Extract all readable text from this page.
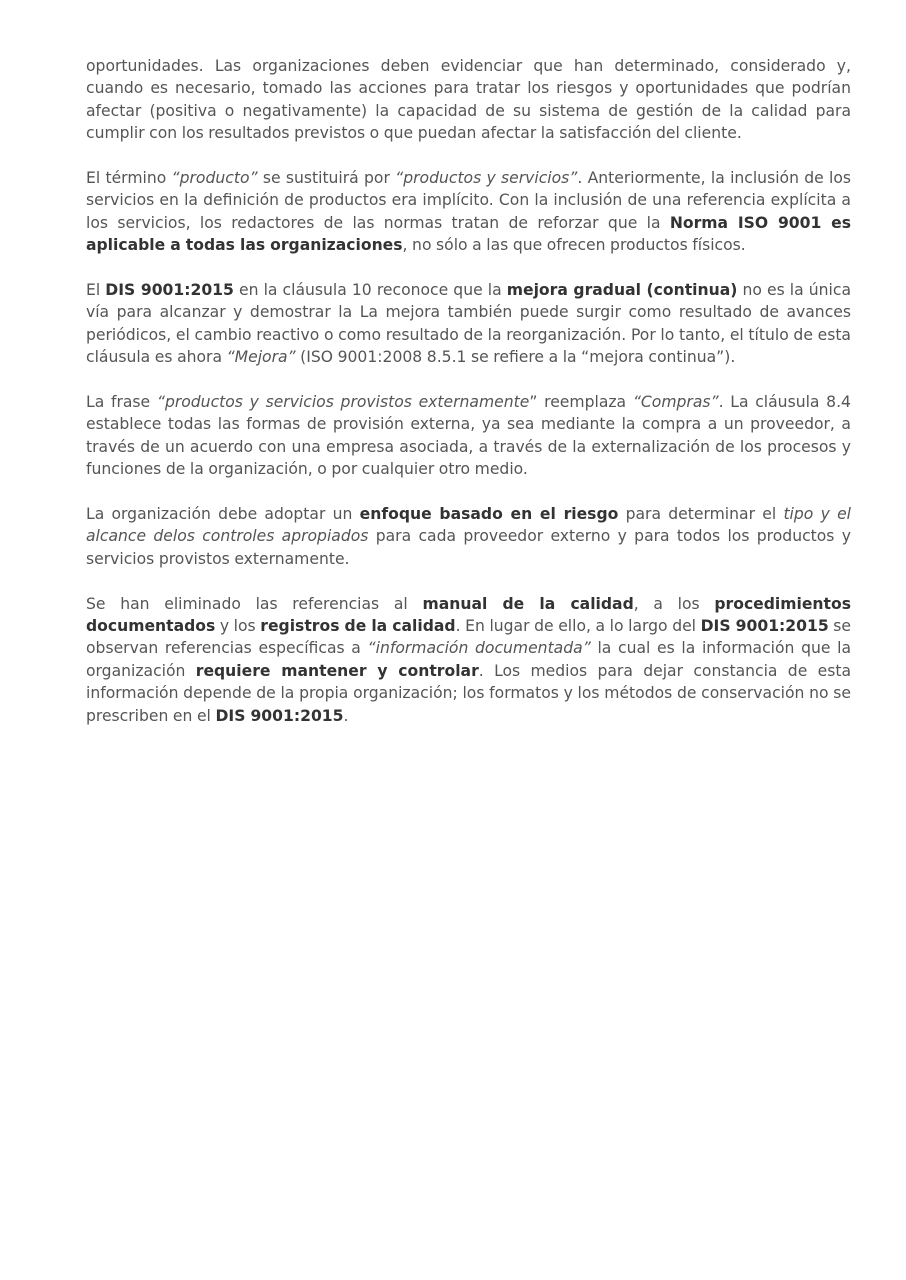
oportunidades. Las organizaciones deben evidenciar que han determinado, considerado y, cuando es necesario, tomado las acciones para tratar los riesgos y oportunidades que podrían afectar (positiva o negativamente) la capacidad de su sistema de gestión de la calidad para cumplir con los resultados previstos o que puedan afectar la satisfacción del cliente.

El término “producto” se sustituirá por “productos y servicios”. Anteriormente, la inclusión de los servicios en la definición de productos era implícito. Con la inclusión de una referencia explícita a los servicios, los redactores de las normas tratan de reforzar que la Norma ISO 9001 es aplicable a todas las organizaciones, no sólo a las que ofrecen productos físicos.

El DIS 9001:2015 en la cláusula 10 reconoce que la mejora gradual (continua) no es la única vía para alcanzar y demostrar la La mejora también puede surgir como resultado de avances periódicos, el cambio reactivo o como resultado de la reorganización. Por lo tanto, el título de esta cláusula es ahora “Mejora” (ISO 9001:2008 8.5.1 se refiere a la “mejora continua”).

La frase “productos y servicios provistos externamente” reemplaza “Compras”. La cláusula 8.4 establece todas las formas de provisión externa, ya sea mediante la compra a un proveedor, a través de un acuerdo con una empresa asociada, a través de la externalización de los procesos y funciones de la organización, o por cualquier otro medio.

La organización debe adoptar un enfoque basado en el riesgo para determinar el tipo y el alcance delos controles apropiados para cada proveedor externo y para todos los productos y servicios provistos externamente.

Se han eliminado las referencias al manual de la calidad, a los procedimientos documentados y los registros de la calidad. En lugar de ello, a lo largo del DIS 9001:2015 se observan referencias específicas a “información documentada” la cual es la información que la organización requiere mantener y controlar. Los medios para dejar constancia de esta información depende de la propia organización; los formatos y los métodos de conservación no se prescriben en el DIS 9001:2015.
